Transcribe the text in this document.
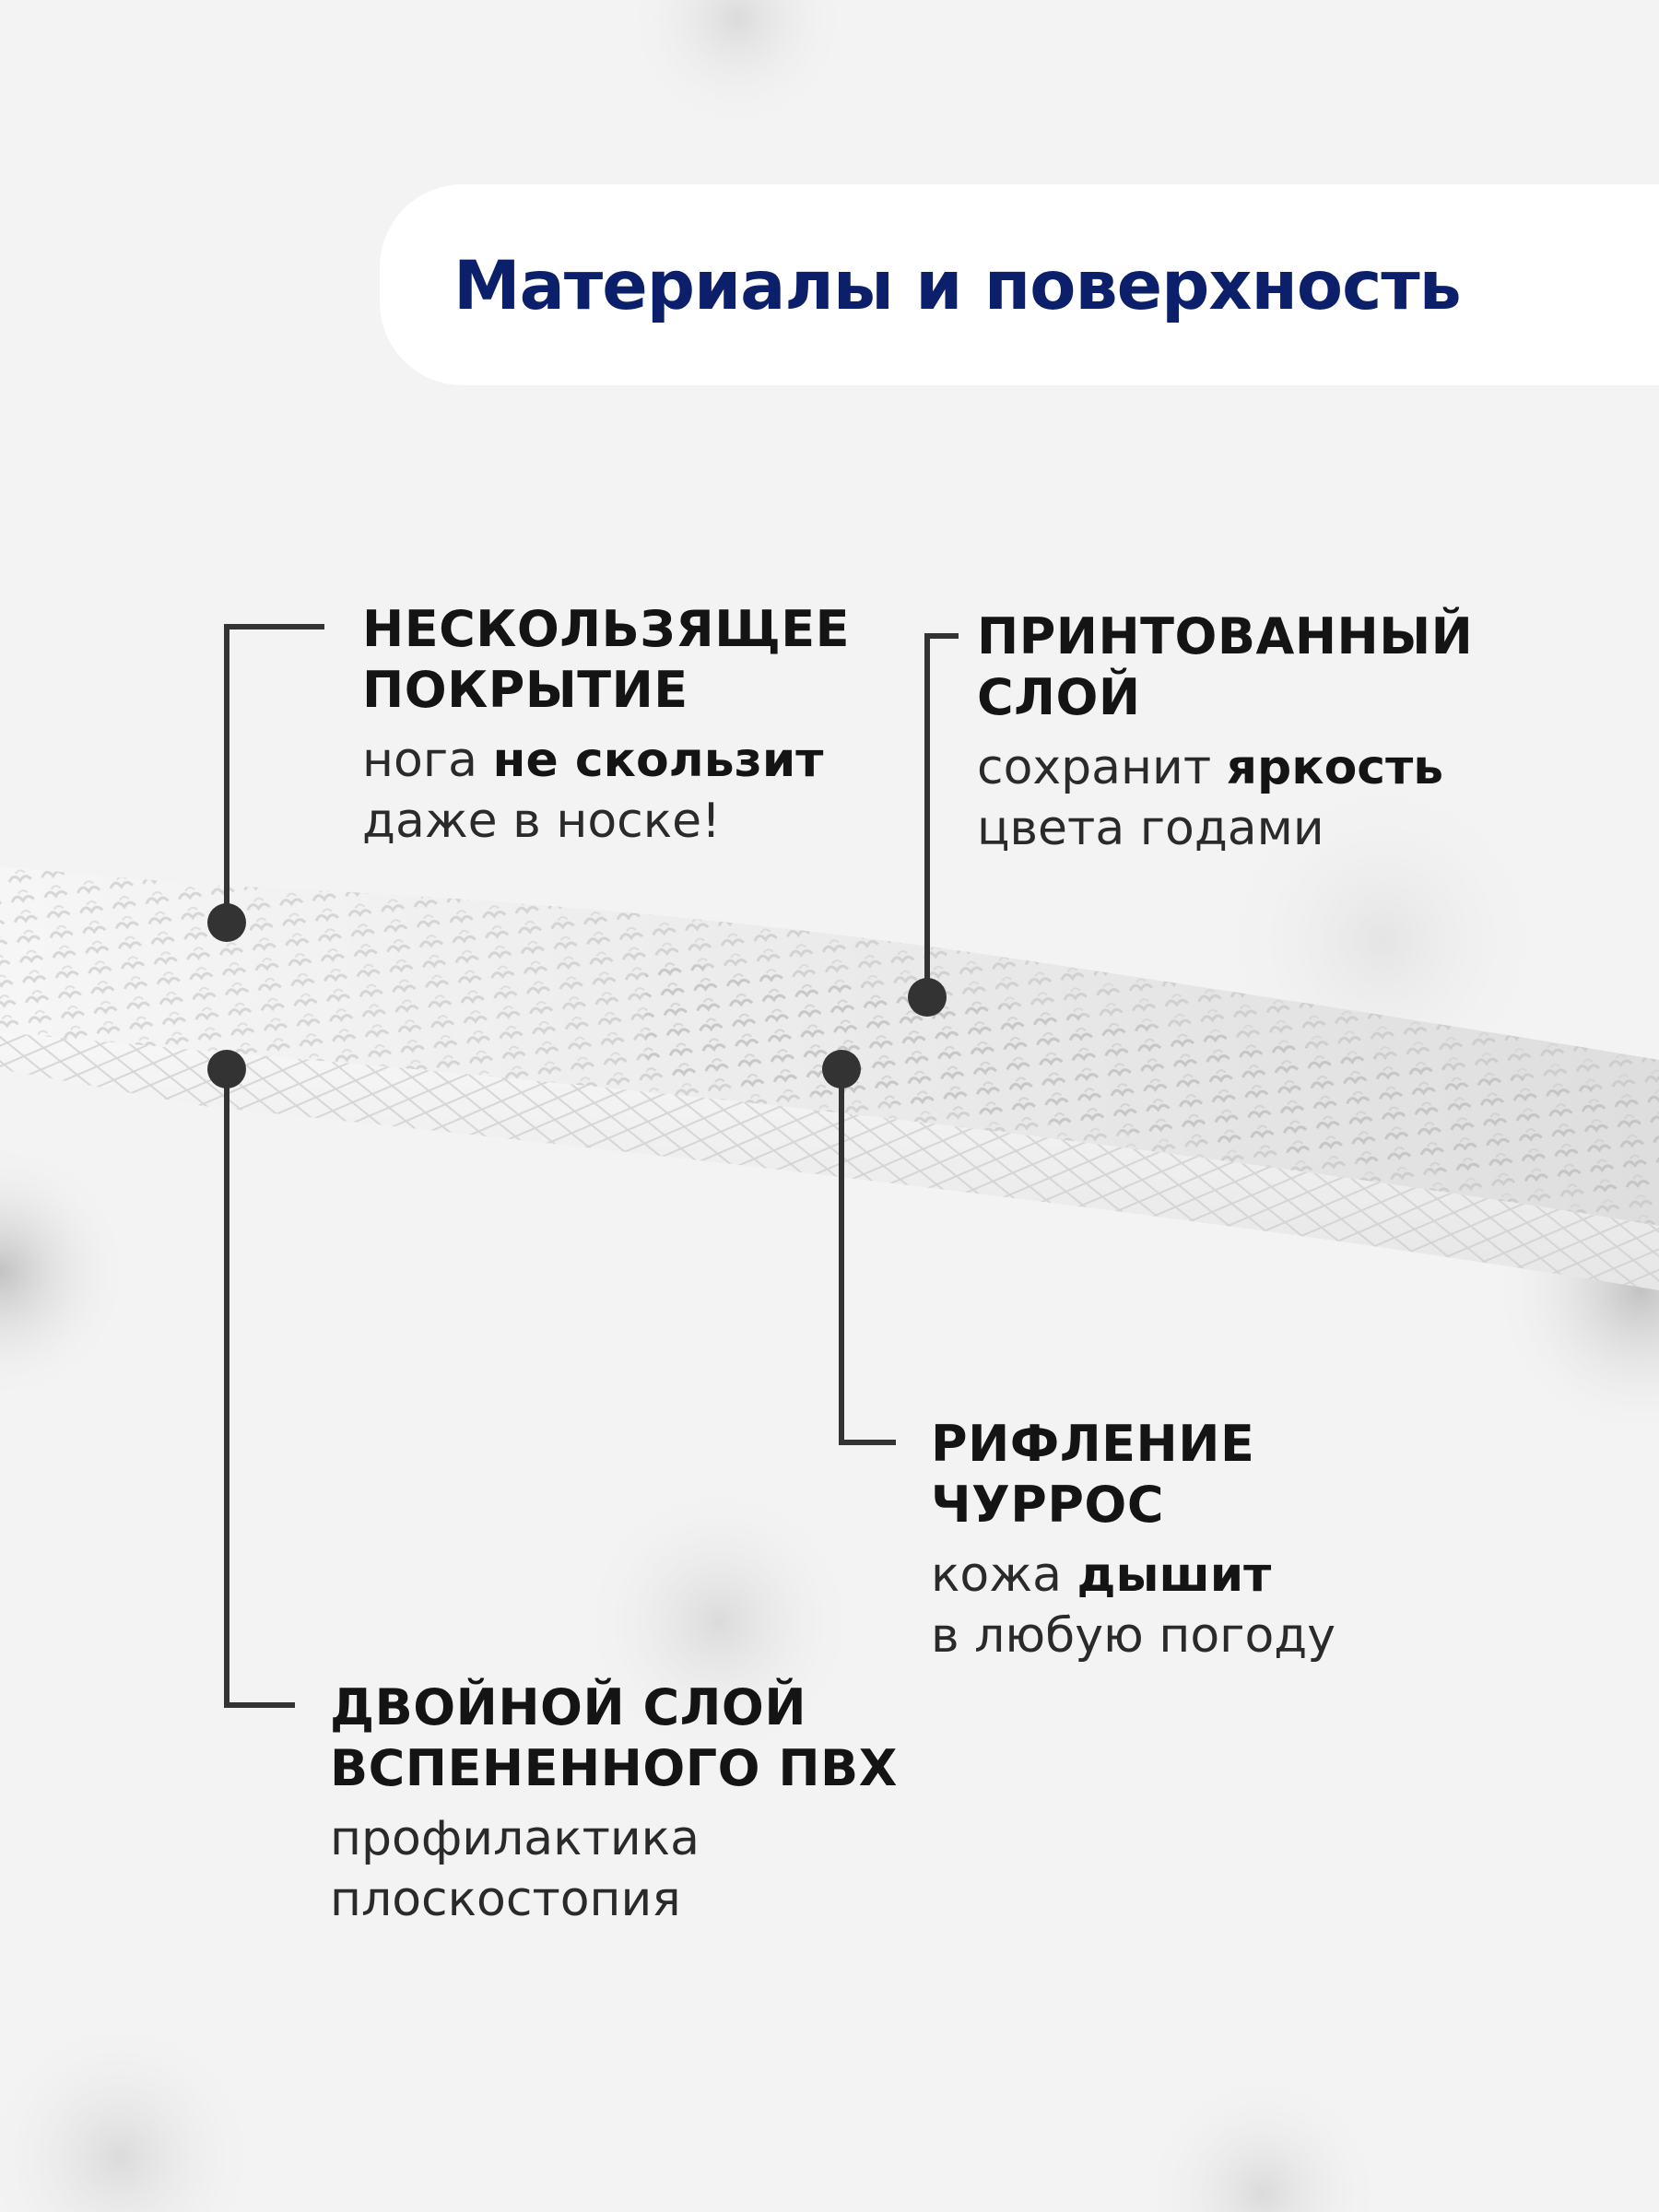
Материалы и поверхность
НЕСКОЛЬЗЯЩЕЕ
ПОКРЫТИЕ
нога не скользит
даже в носке!
ПРИНТОВАННЫЙ
СЛОЙ
сохранит яркость
цвета годами
РИФЛЕНИЕ
ЧУРРОС
кожа дышит
в любую погоду
ДВОЙНОЙ СЛОЙ
ВСПЕНЕННОГО ПВХ
профилактика
плоскостопия
